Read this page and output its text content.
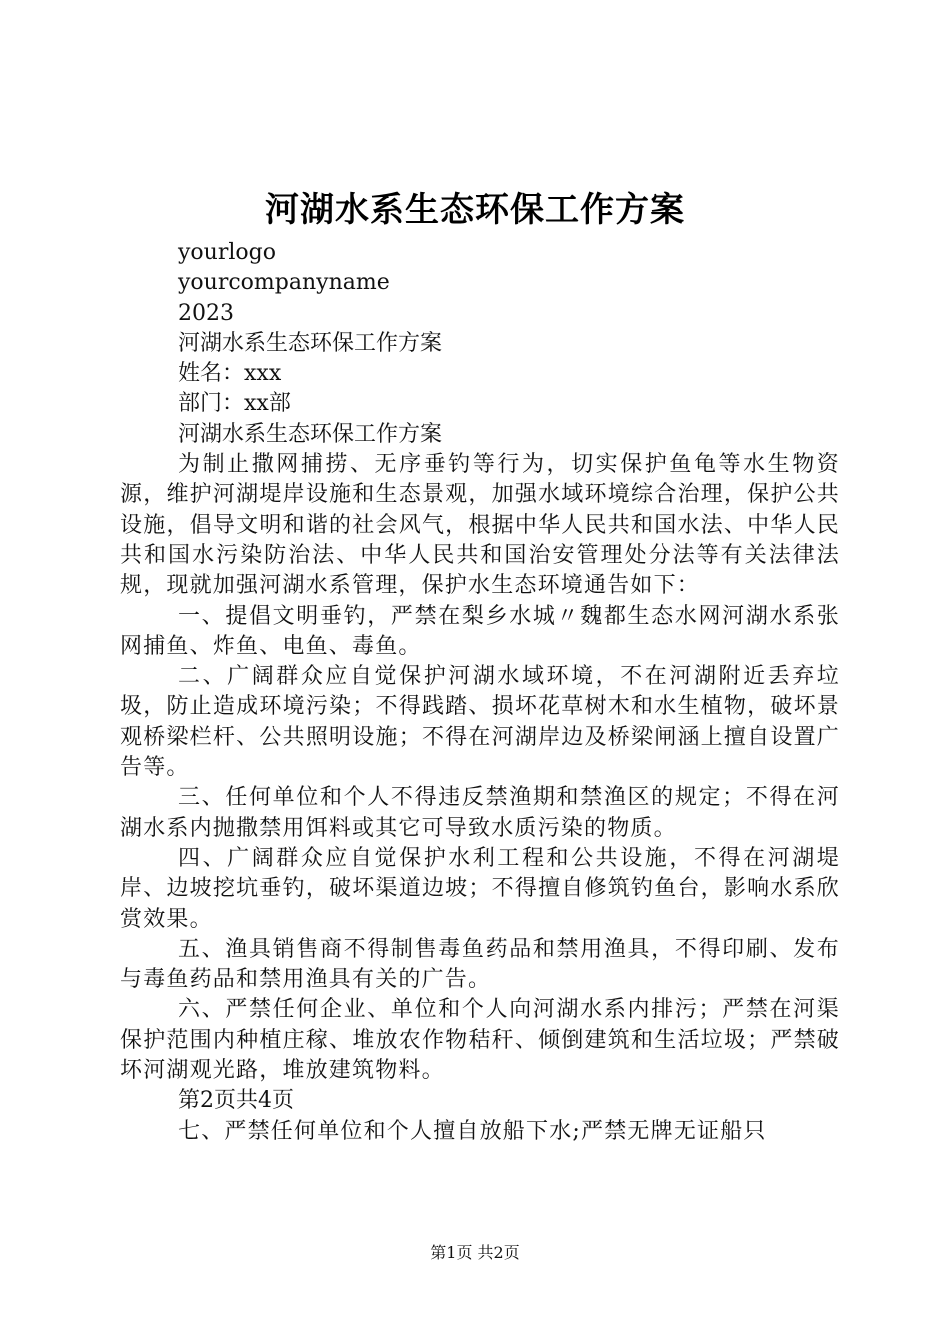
河湖水系生态环保工作方案
yourlogo
yourcompanyname
2023
河湖水系生态环保工作方案
姓名：xxx
部门：xx部
河湖水系生态环保工作方案
为制止撒网捕捞、无序垂钓等行为，切实保护鱼龟等水生物资源，维护河湖堤岸设施和生态景观，加强水域环境综合治理，保护公共设施，倡导文明和谐的社会风气，根据中华人民共和国水法、中华人民共和国水污染防治法、中华人民共和国治安管理处分法等有关法律法规，现就加强河湖水系管理，保护水生态环境通告如下：
一、提倡文明垂钓，严禁在梨乡水城〃魏都生态水网河湖水系张网捕鱼、炸鱼、电鱼、毒鱼。
二、广阔群众应自觉保护河湖水域环境，不在河湖附近丢弃垃圾，防止造成环境污染；不得践踏、损坏花草树木和水生植物，破坏景观桥梁栏杆、公共照明设施；不得在河湖岸边及桥梁闸涵上擅自设置广告等。
三、任何单位和个人不得违反禁渔期和禁渔区的规定；不得在河湖水系内抛撒禁用饵料或其它可导致水质污染的物质。
四、广阔群众应自觉保护水利工程和公共设施，不得在河湖堤岸、边坡挖坑垂钓，破坏渠道边坡；不得擅自修筑钓鱼台，影响水系欣赏效果。
五、渔具销售商不得制售毒鱼药品和禁用渔具，不得印刷、发布与毒鱼药品和禁用渔具有关的广告。
六、严禁任何企业、单位和个人向河湖水系内排污；严禁在河渠保护范围内种植庄稼、堆放农作物秸秆、倾倒建筑和生活垃圾；严禁破坏河湖观光路，堆放建筑物料。
第2页共4页
七、严禁任何单位和个人擅自放船下水;严禁无牌无证船只
第1页 共2页
